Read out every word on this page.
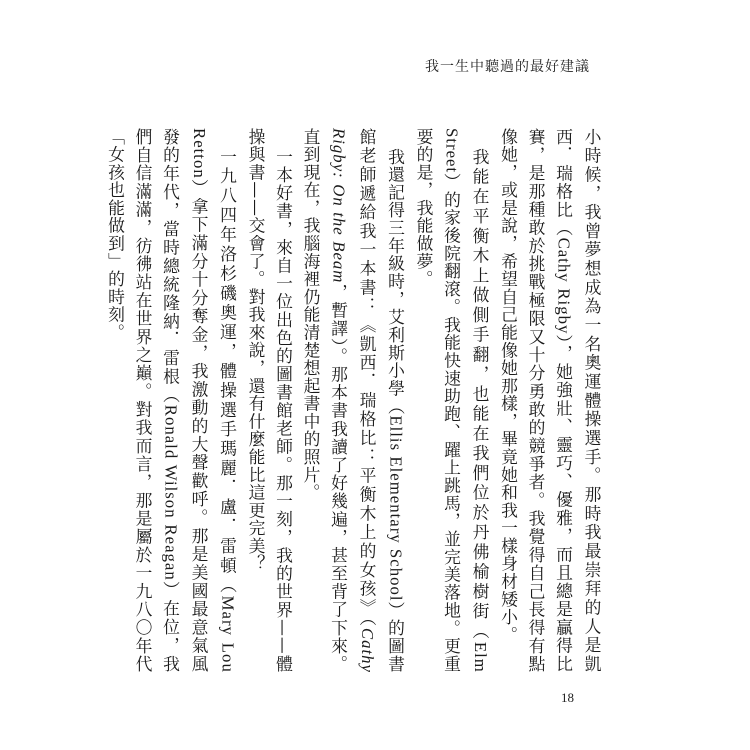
我一生中聽過的最好建議

小時候，我曾夢想成為一名奧運體操選手。那時我最崇拜的人是凱西．瑞格比（Cathy Rigby），她強壯、靈巧、優雅，而且總是贏得比賽，是那種敢於挑戰極限又十分勇敢的競爭者。我覺得自己長得有點像她，或是說，希望自己能像她那樣，畢竟她和我一樣身材矮小。

我能在平衡木上做側手翻，也能在我們位於丹佛榆樹街（Elm Street）的家後院翻滾。我能快速助跑、躍上跳馬，並完美落地。更重要的是，我能做夢。

我還記得三年級時，艾利斯小學（Ellis Elementary School）的圖書館老師遞給我一本書：《凱西．瑞格比：平衡木上的女孩》（Cathy Rigby: On the Beam，暫譯）。那本書我讀了好幾遍，甚至背了下來。直到現在，我腦海裡仍能清楚想起書中的照片。

一本好書，來自一位出色的圖書館老師。那一刻，我的世界——體操與書——交會了。對我來說，還有什麼能比這更完美？

一九八四年洛杉磯奧運，體操選手瑪麗．盧．雷頓（Mary Lou Retton）拿下滿分十分奪金，我激動的大聲歡呼。那是美國最意氣風發的年代，當時總統隆納．雷根（Ronald Wilson Reagan）在位，我們自信滿滿，彷彿站在世界之巔。對我而言，那是屬於一九八〇年代「女孩也能做到」的時刻。

18
